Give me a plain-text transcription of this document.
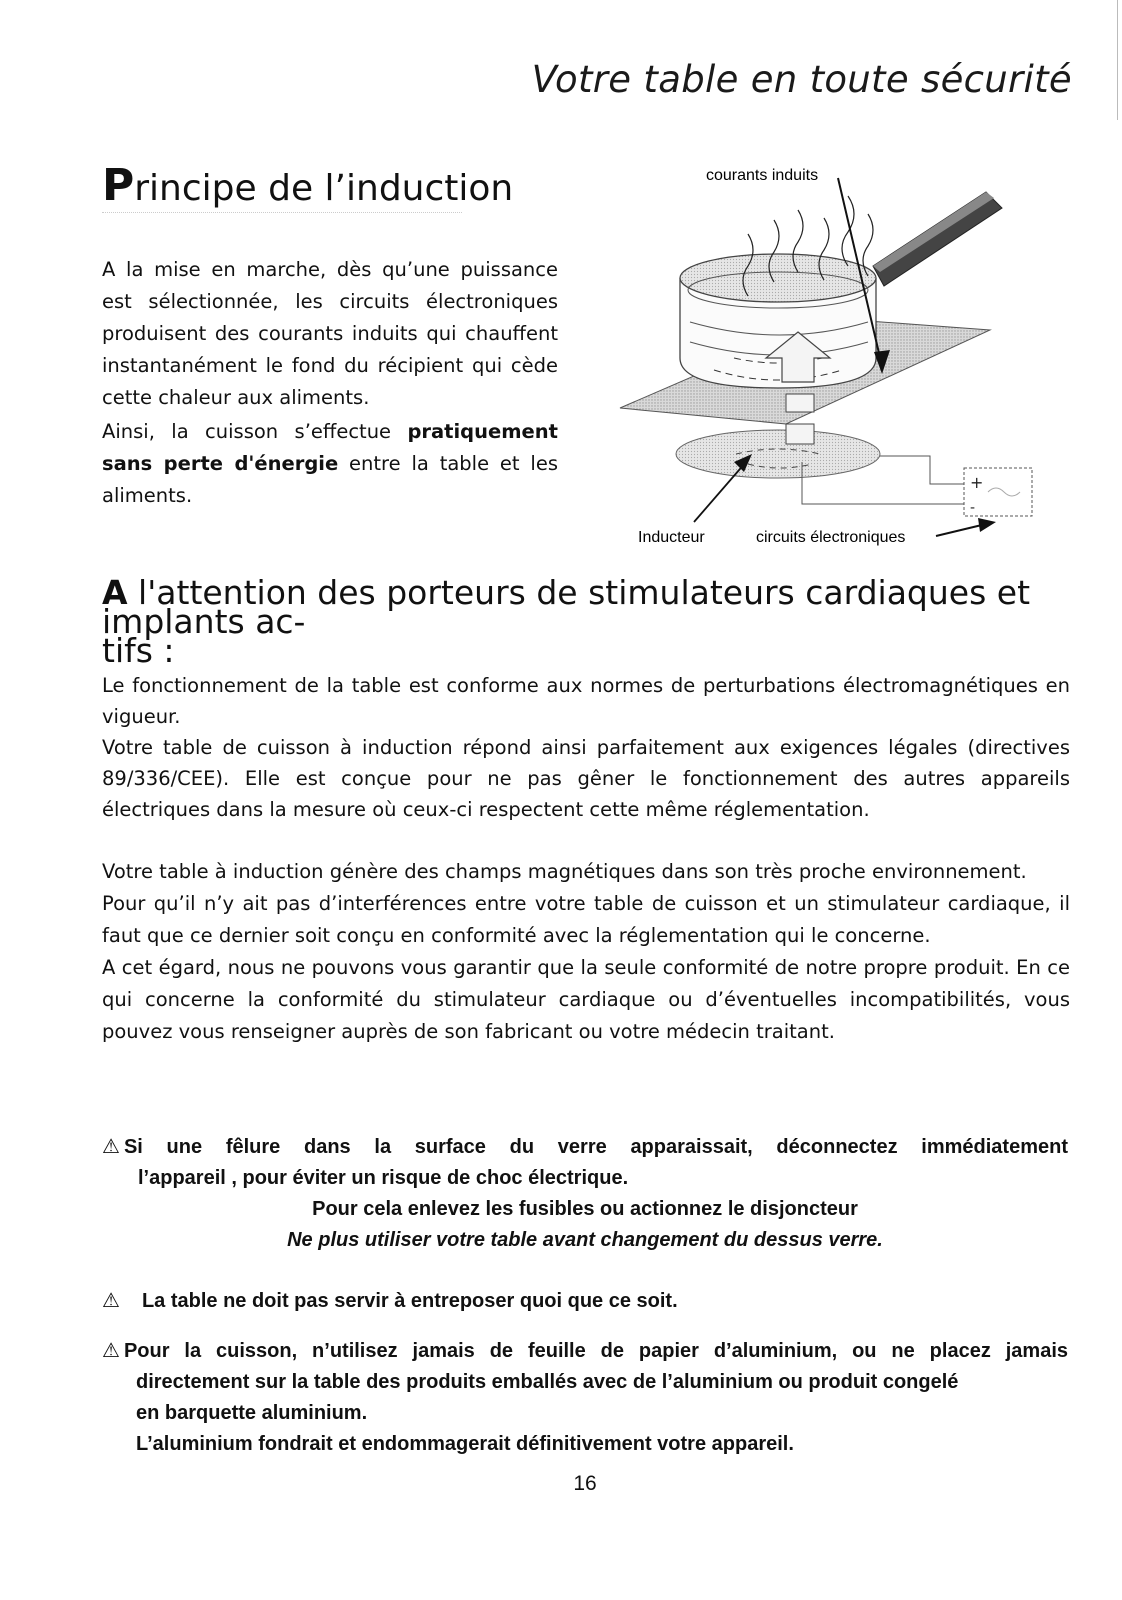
Votre table en toute sécurité
Principe de l’induction

A la mise en marche, dès qu’une puissance est sélectionnée, les circuits électroniques produisent des courants induits qui chauffent instantanément le fond du récipient qui cède cette chaleur aux aliments.

Ainsi, la cuisson s’effectue pratiquement sans perte d'énergie entre la table et les aliments.
+
-
courants induits
Inducteur	circuits électroniques
A l'attention des porteurs de stimulateurs cardiaques et implants ac-
tifs :

Le fonctionnement de la table est conforme aux normes de perturbations électromagnétiques en vigueur.

Votre table de cuisson à induction répond ainsi parfaitement aux exigences légales (directives 89/336/CEE). Elle est conçue pour ne pas gêner le fonctionnement des autres appareils électriques dans la mesure où ceux-ci respectent cette même réglementation.

Votre table à induction génère des champs magnétiques dans son très proche environnement.

Pour qu’il n’y ait pas d’interférences entre votre table de cuisson et un stimulateur cardiaque, il faut que ce dernier soit conçu en conformité avec la réglementation qui le concerne.

A cet égard, nous ne pouvons vous garantir que la seule conformité de notre propre produit. En ce qui concerne la conformité du stimulateur cardiaque ou d’éventuelles incompatibilités, vous pouvez vous renseigner auprès de son fabricant ou votre médecin traitant.

⚠ Si une fêlure dans la surface du verre apparaissait, déconnectez immédiatement
l’appareil , pour éviter un risque de choc électrique.
Pour cela enlevez les fusibles ou actionnez le disjoncteur
Ne plus utiliser votre table avant changement du dessus verre.
⚠ La table ne doit pas servir à entreposer quoi que ce soit.
⚠ Pour la cuisson, n’utilisez jamais de feuille de papier d’aluminium, ou ne placez jamais
directement sur la table des produits emballés avec de l’aluminium ou produit congelé
en barquette aluminium.
L’aluminium fondrait et endommagerait définitivement votre appareil.
16
